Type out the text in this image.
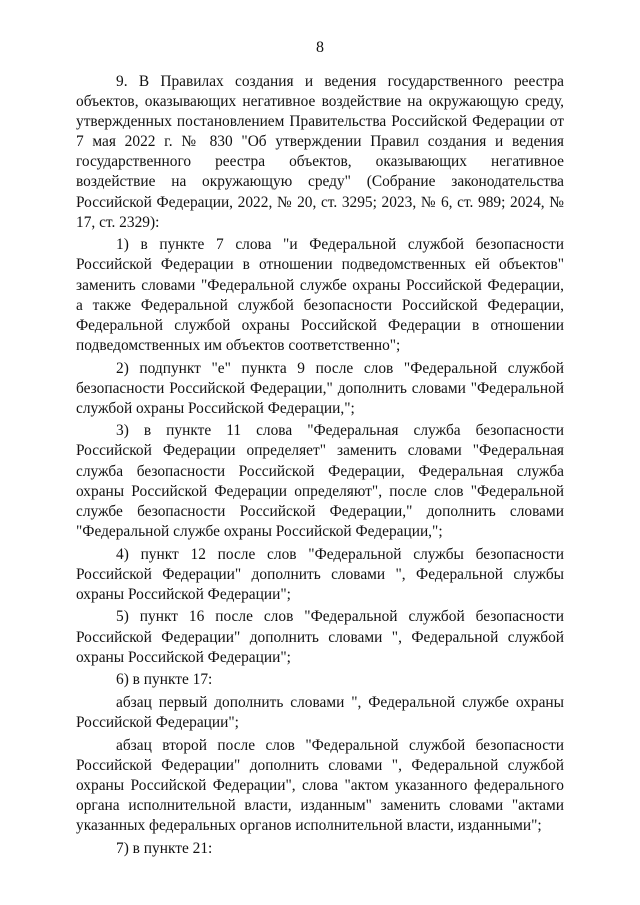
8

9. В Правилах создания и ведения государственного реестра объектов, оказывающих негативное воздействие на окружающую среду, утвержденных постановлением Правительства Российской Федерации от 7 мая 2022 г. № 830 "Об утверждении Правил создания и ведения государственного реестра объектов, оказывающих негативное воздействие на окружающую среду" (Собрание законодательства Российской Федерации, 2022, № 20, ст. 3295; 2023, № 6, ст. 989; 2024, № 17, ст. 2329):

1) в пункте 7 слова "и Федеральной службой безопасности Российской Федерации в отношении подведомственных ей объектов" заменить словами "Федеральной службе охраны Российской Федерации, а также Федеральной службой безопасности Российской Федерации, Федеральной службой охраны Российской Федерации в отношении подведомственных им объектов соответственно";

2) подпункт "е" пункта 9 после слов "Федеральной службой безопасности Российской Федерации," дополнить словами "Федеральной службой охраны Российской Федерации,";

3) в пункте 11 слова "Федеральная служба безопасности Российской Федерации определяет" заменить словами "Федеральная служба безопасности Российской Федерации, Федеральная служба охраны Российской Федерации определяют", после слов "Федеральной службе безопасности Российской Федерации," дополнить словами "Федеральной службе охраны Российской Федерации,";

4) пункт 12 после слов "Федеральной службы безопасности Российской Федерации" дополнить словами ", Федеральной службы охраны Российской Федерации";

5) пункт 16 после слов "Федеральной службой безопасности Российской Федерации" дополнить словами ", Федеральной службой охраны Российской Федерации";

6) в пункте 17:

абзац первый дополнить словами ", Федеральной службе охраны Российской Федерации";

абзац второй после слов "Федеральной службой безопасности Российской Федерации" дополнить словами ", Федеральной службой охраны Российской Федерации", слова "актом указанного федерального органа исполнительной власти, изданным" заменить словами "актами указанных федеральных органов исполнительной власти, изданными";

7) в пункте 21:
